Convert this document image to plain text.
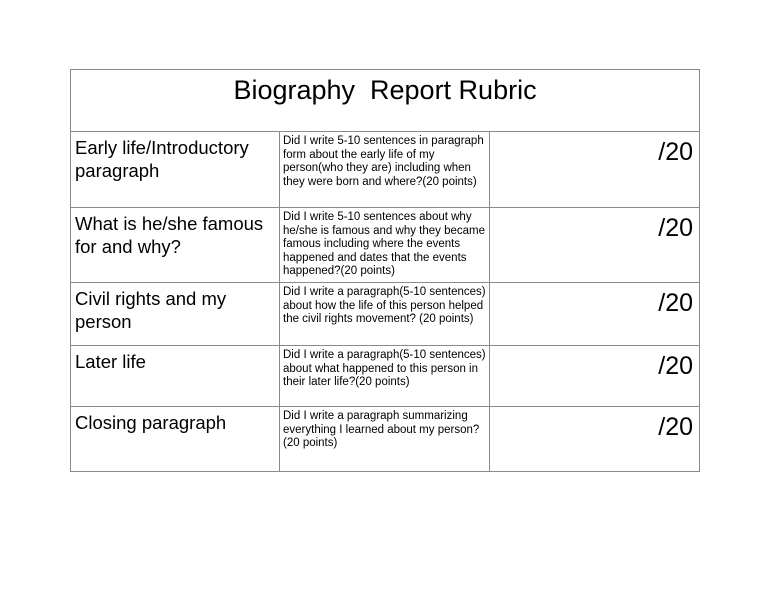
Biography  Report Rubric		
Early life/Introductory paragraph	Did I write 5-10 sentences in paragraph form about the early life of my person(who they are) including when they were born and where?(20 points)	/20
What is he/she famous for and why?	Did I write 5-10 sentences about why he/she is famous and why they became famous including where the events happened and dates that the events happened?(20 points)	/20
Civil rights and my person	Did I write a paragraph(5-10 sentences) about how the life of this person helped the civil rights movement? (20 points)	/20
Later life	Did I write a paragraph(5-10 sentences) about what happened to this person in their later life?(20 points)	/20
Closing paragraph	Did I write a paragraph summarizing everything I learned about my person?(20 points)	/20
